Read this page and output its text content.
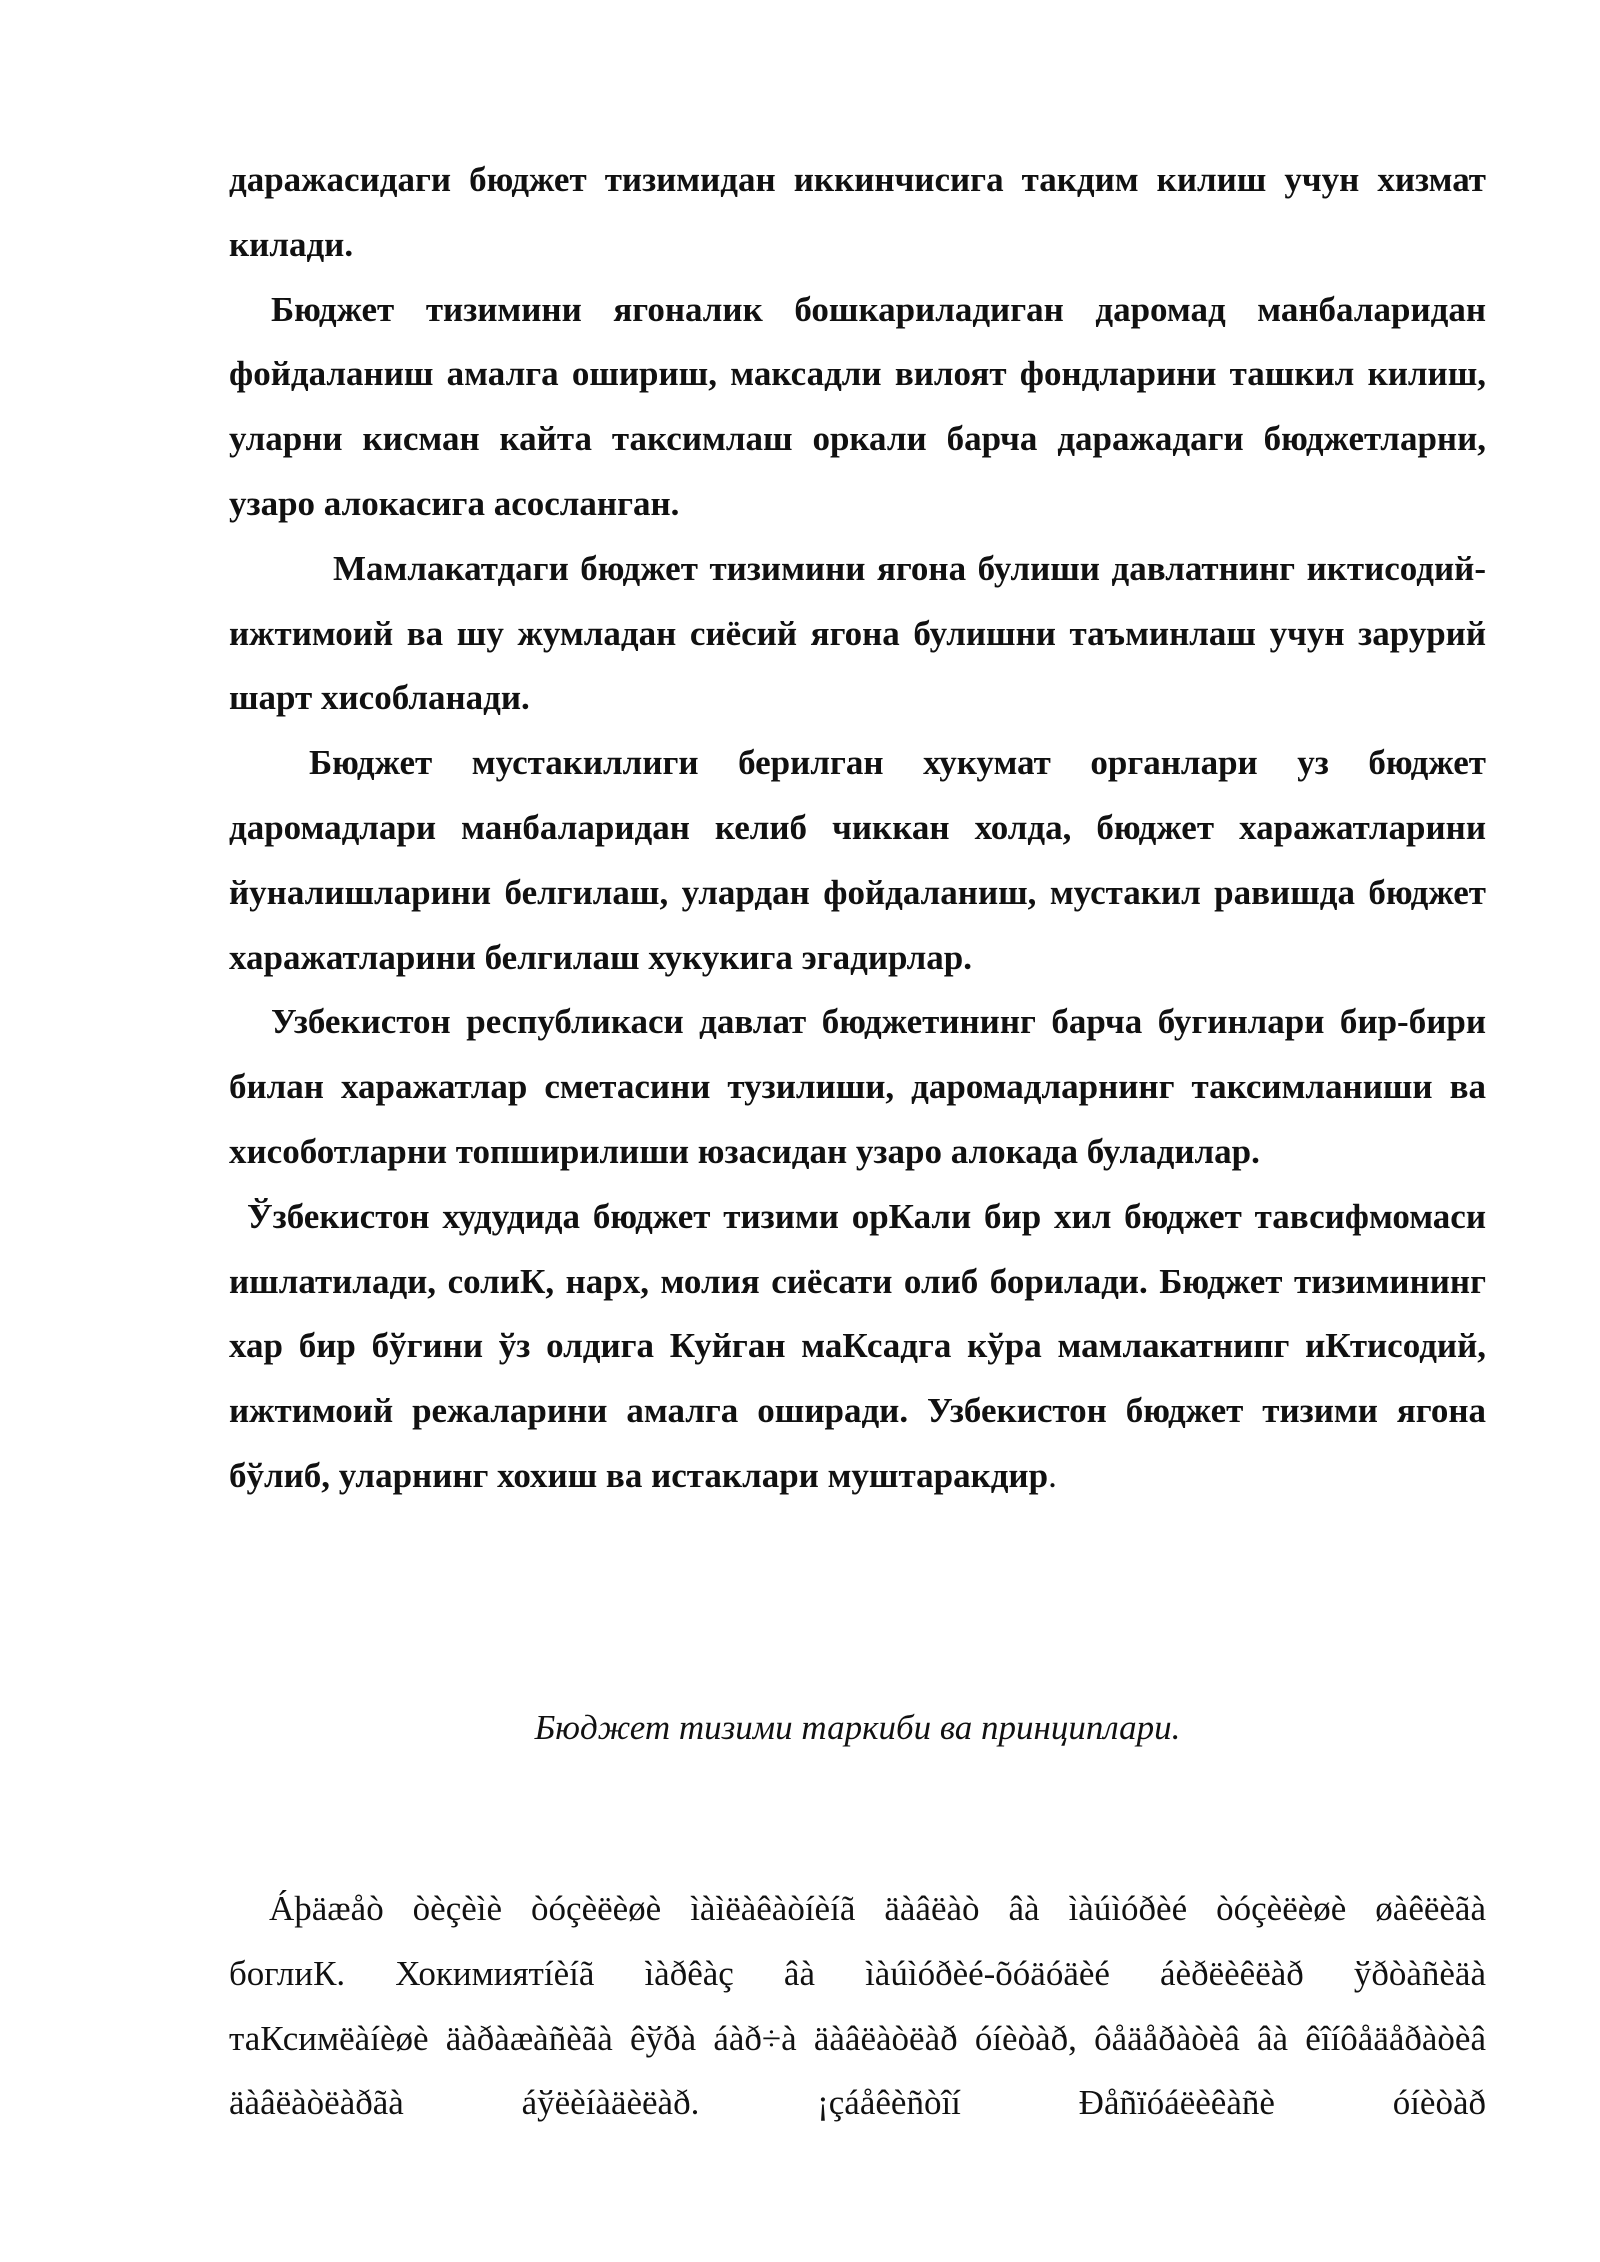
даражасидаги бюджет тизимидан иккинчисига такдим килиш учун хизмат килади.

Бюджет тизимини ягоналик бошкариладиган даромад манбаларидан фойдаланиш амалга ошириш, максадли вилоят фондларини ташкил килиш, уларни кисман кайта таксимлаш оркали барча даражадаги бюджетларни, узаро алокасига асосланган.

Мамлакатдаги бюджет тизимини ягона булиши давлатнинг иктисодий-ижтимоий ва шу жумладан сиёсий ягона булишни таъминлаш учун зарурий шарт хисобланади.

Бюджет мустакиллиги берилган хукумат органлари уз бюджет даромадлари манбаларидан келиб чиккан холда, бюджет харажатларини йуналишларини белгилаш, улардан фойдаланиш, мустакил равишда бюджет харажатларини белгилаш хукукига эгадирлар.

Узбекистон республикаси давлат бюджетининг барча бугинлари бир-бири билан харажатлар сметасини тузилиши, даромадларнинг таксимланиши ва хисоботларни топширилиши юзасидан узаро алокада буладилар.

Ўзбекистон худудида бюджет тизими орКали бир хил бюджет тавсифмомаси ишлатилади, солиК, нарх, молия сиёсати олиб борилади. Бюджет тизимининг хар бир бўгини ўз олдига Куйган маКсадга кўра мамлакатнипг иКтисодий, ижтимоий режаларини амалга оширади. Узбекистон бюджет тизими ягона бўлиб, уларнинг хохиш ва истаклари муштаракдир.

Бюджет тизими таркиби ва принциплари.

Áþäæåò òèçèìè òóçèëèøè ìàìëàêàòíèíã äàâëàò âà ìàúìóðèé òóçèëèøè øàêëèãà боглиК. Хокимиятíèíã ìàðêàç âà ìàúìóðèé-õóäóäèé áèðëèêëàð ўðòàñèäà таКсимëàíèøè äàðàæàñèãà êўðà áàð÷à äàâëàòëàð óíèòàð, ôåäåðàòèâ âà êîíôåäåðàòèâ äàâëàòëàðãà áўëèíàäèëàð. ¡çáåêèñòîí Ðåñïóáëèêàñè óíèòàð
